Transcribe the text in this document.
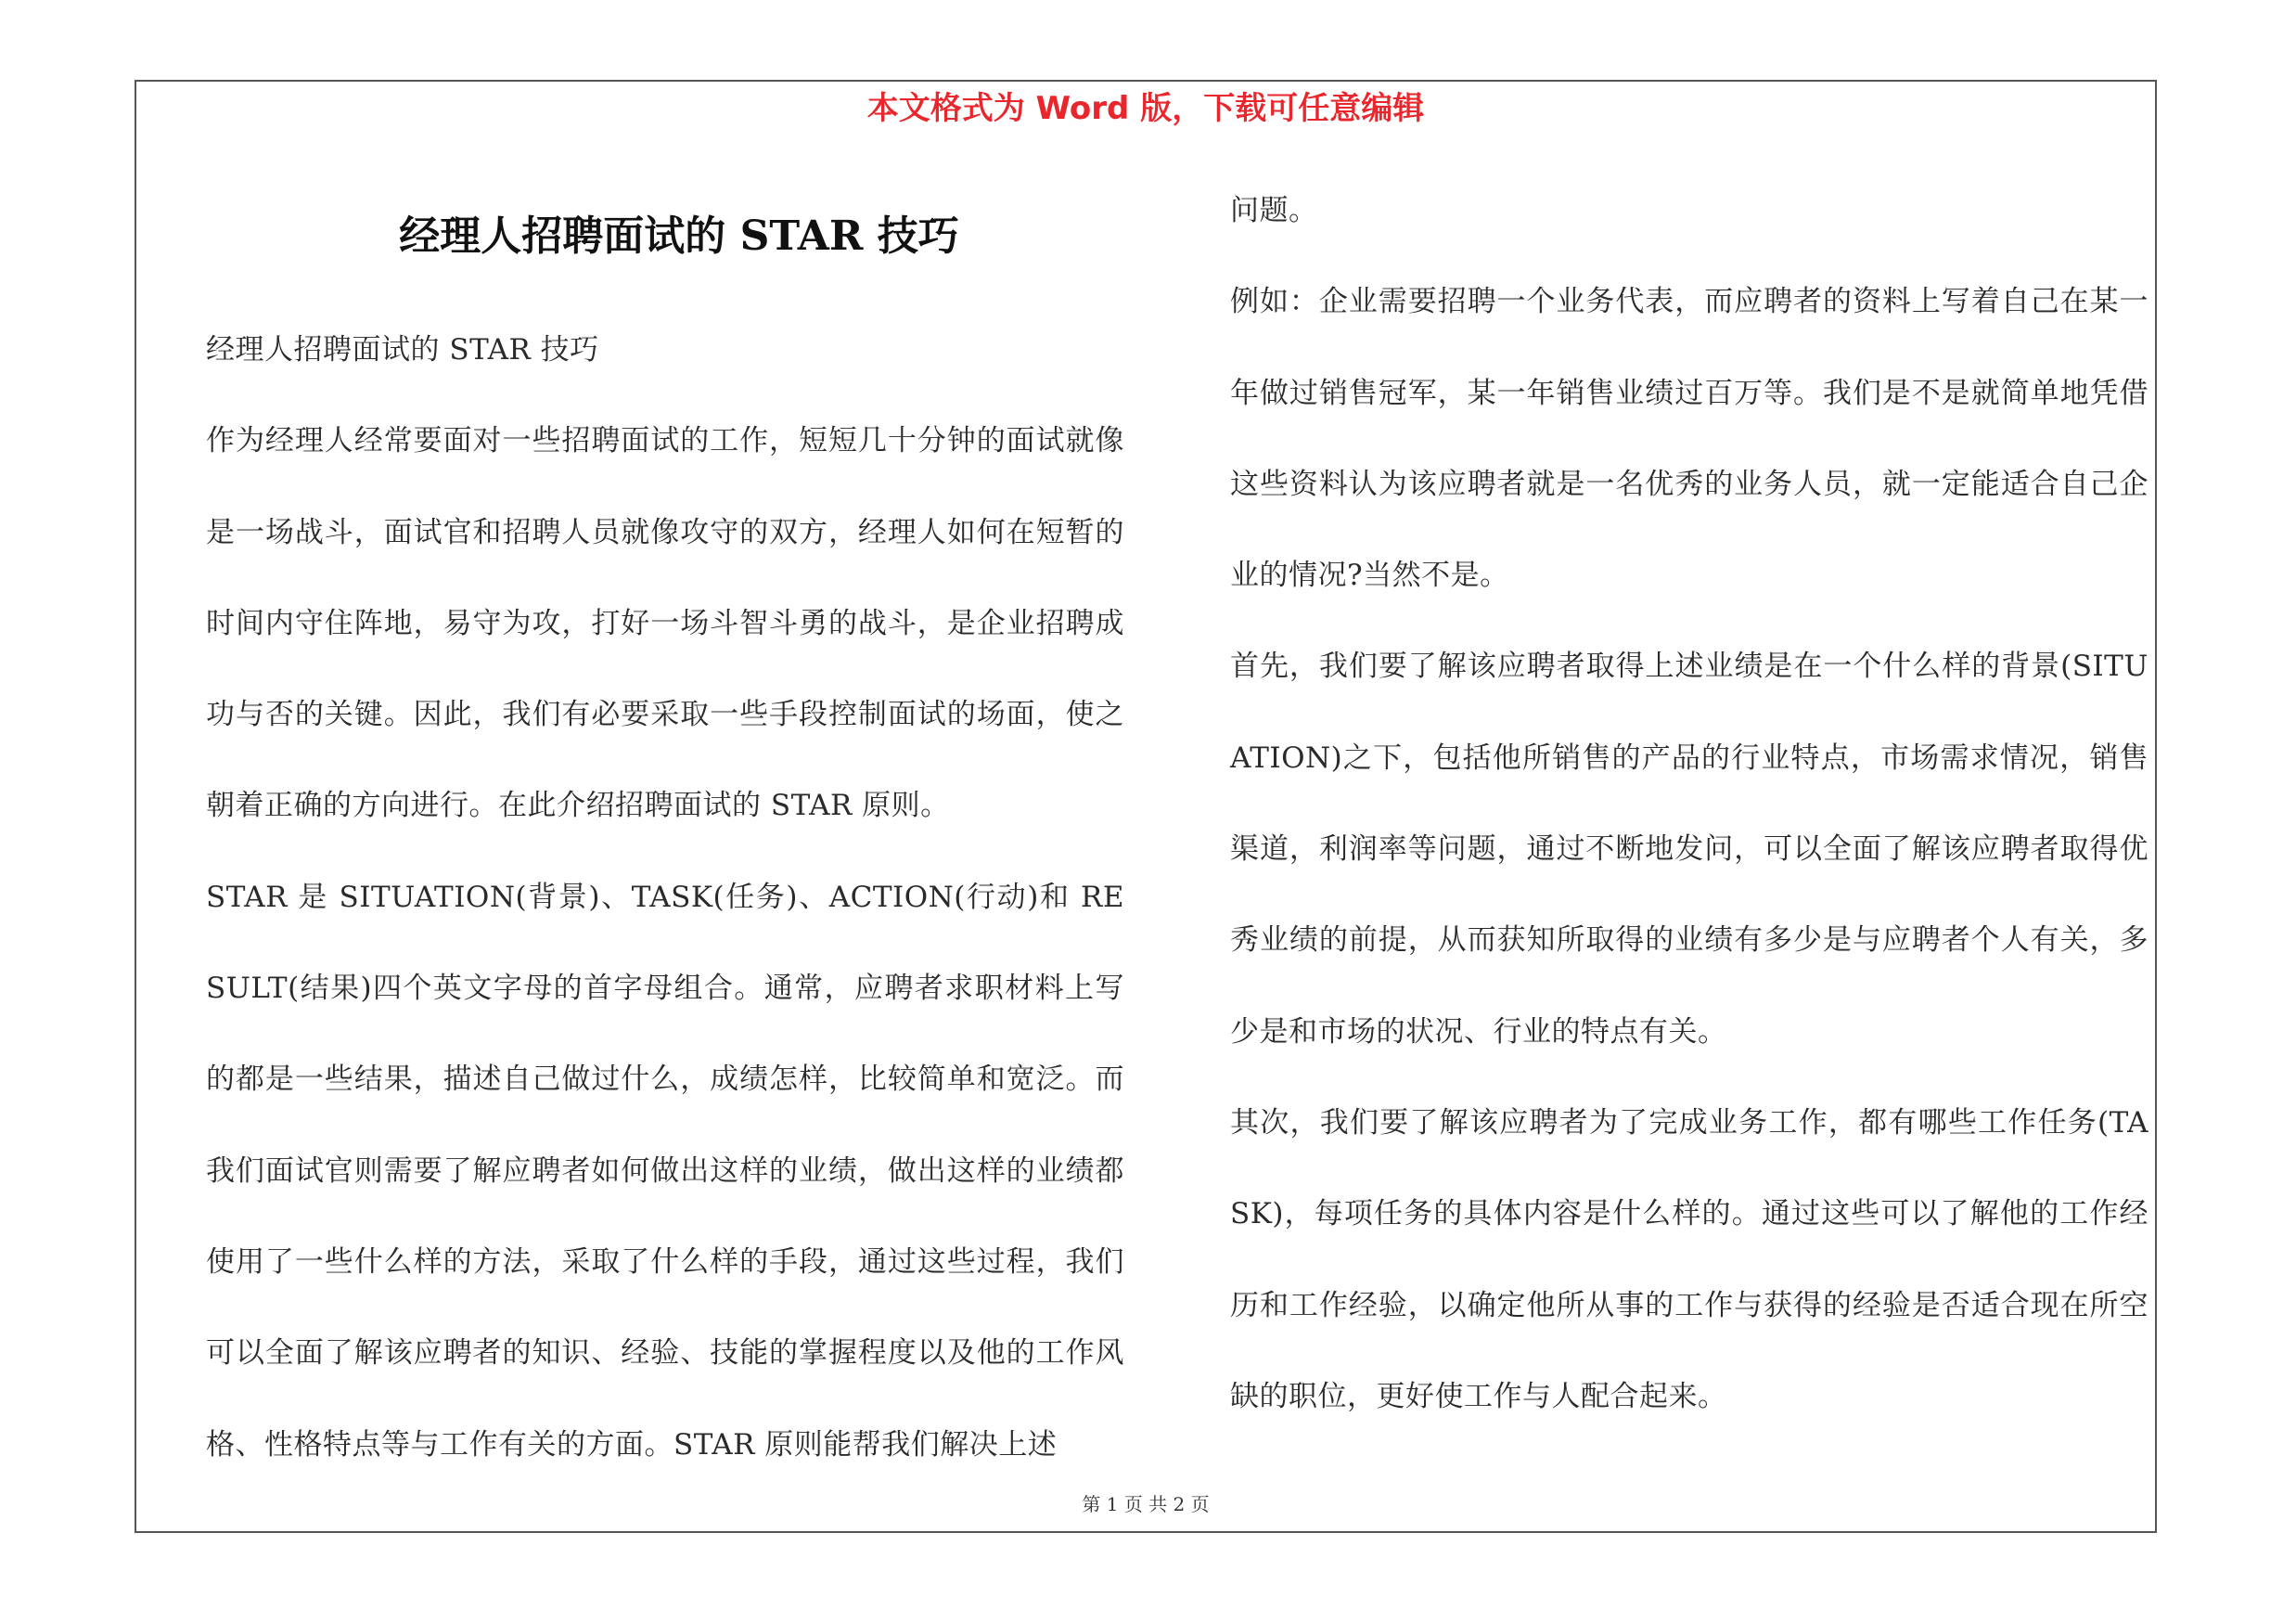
本文格式为 Word 版，下载可任意编辑
经理人招聘面试的 STAR 技巧

经理人招聘面试的 STAR 技巧

作为经理人经常要面对一些招聘面试的工作，短短几十分钟的面试就像是一场战斗，面试官和招聘人员就像攻守的双方，经理人如何在短暂的时间内守住阵地，易守为攻，打好一场斗智斗勇的战斗，是企业招聘成功与否的关键。因此，我们有必要采取一些手段控制面试的场面，使之朝着正确的方向进行。在此介绍招聘面试的 STAR 原则。

STAR 是 SITUATION(背景)、TASK(任务)、ACTION(行动)和 RESULT(结果)四个英文字母的首字母组合。通常，应聘者求职材料上写的都是一些结果，描述自己做过什么，成绩怎样，比较简单和宽泛。而我们面试官则需要了解应聘者如何做出这样的业绩，做出这样的业绩都使用了一些什么样的方法，采取了什么样的手段，通过这些过程，我们可以全面了解该应聘者的知识、经验、技能的掌握程度以及他的工作风格、性格特点等与工作有关的方面。STAR 原则能帮我们解决上述

问题。

例如：企业需要招聘一个业务代表，而应聘者的资料上写着自己在某一年做过销售冠军，某一年销售业绩过百万等。我们是不是就简单地凭借这些资料认为该应聘者就是一名优秀的业务人员，就一定能适合自己企业的情况?当然不是。

首先，我们要了解该应聘者取得上述业绩是在一个什么样的背景(SITUATION)之下，包括他所销售的产品的行业特点，市场需求情况，销售渠道，利润率等问题，通过不断地发问，可以全面了解该应聘者取得优秀业绩的前提，从而获知所取得的业绩有多少是与应聘者个人有关，多少是和市场的状况、行业的特点有关。

其次，我们要了解该应聘者为了完成业务工作，都有哪些工作任务(TASK)，每项任务的具体内容是什么样的。通过这些可以了解他的工作经历和工作经验，以确定他所从事的工作与获得的经验是否适合现在所空缺的职位，更好使工作与人配合起来。

第 1 页 共 2 页
